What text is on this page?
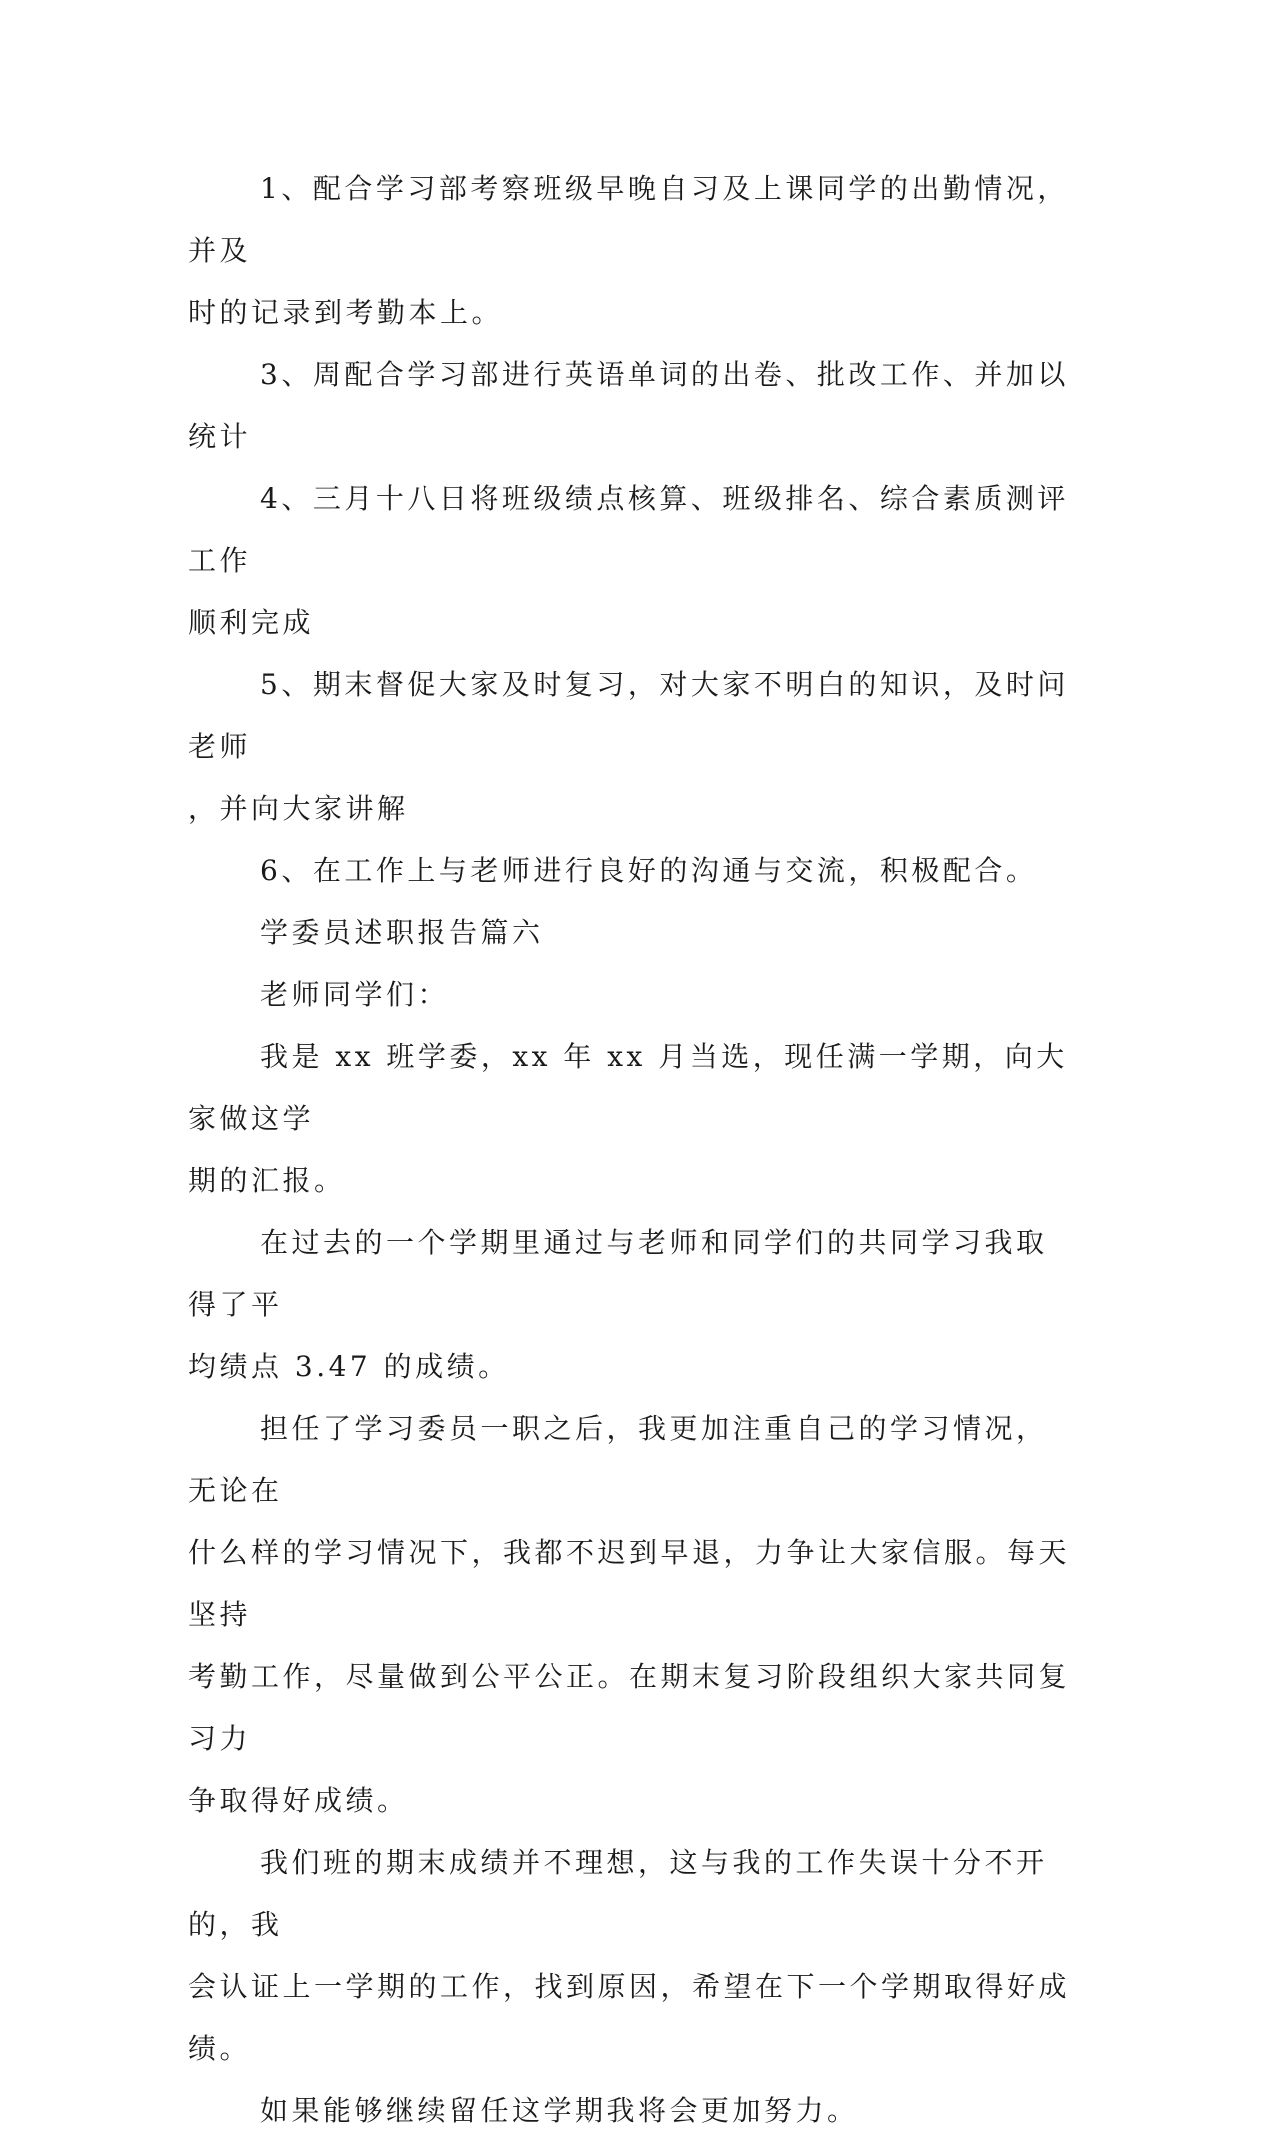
1、配合学习部考察班级早晚自习及上课同学的出勤情况，并及
时的记录到考勤本上。
3、周配合学习部进行英语单词的出卷、批改工作、并加以统计
4、三月十八日将班级绩点核算、班级排名、综合素质测评工作
顺利完成
5、期末督促大家及时复习，对大家不明白的知识，及时问老师
，并向大家讲解
6、在工作上与老师进行良好的沟通与交流，积极配合。
学委员述职报告篇六
老师同学们：
我是 xx 班学委，xx 年 xx 月当选，现任满一学期，向大家做这学
期的汇报。
在过去的一个学期里通过与老师和同学们的共同学习我取得了平
均绩点 3.47 的成绩。
担任了学习委员一职之后，我更加注重自己的学习情况，无论在
什么样的学习情况下，我都不迟到早退，力争让大家信服。每天坚持
考勤工作，尽量做到公平公正。在期末复习阶段组织大家共同复习力
争取得好成绩。
我们班的期末成绩并不理想，这与我的工作失误十分不开的，我
会认证上一学期的工作，找到原因，希望在下一个学期取得好成绩。
如果能够继续留任这学期我将会更加努力。
